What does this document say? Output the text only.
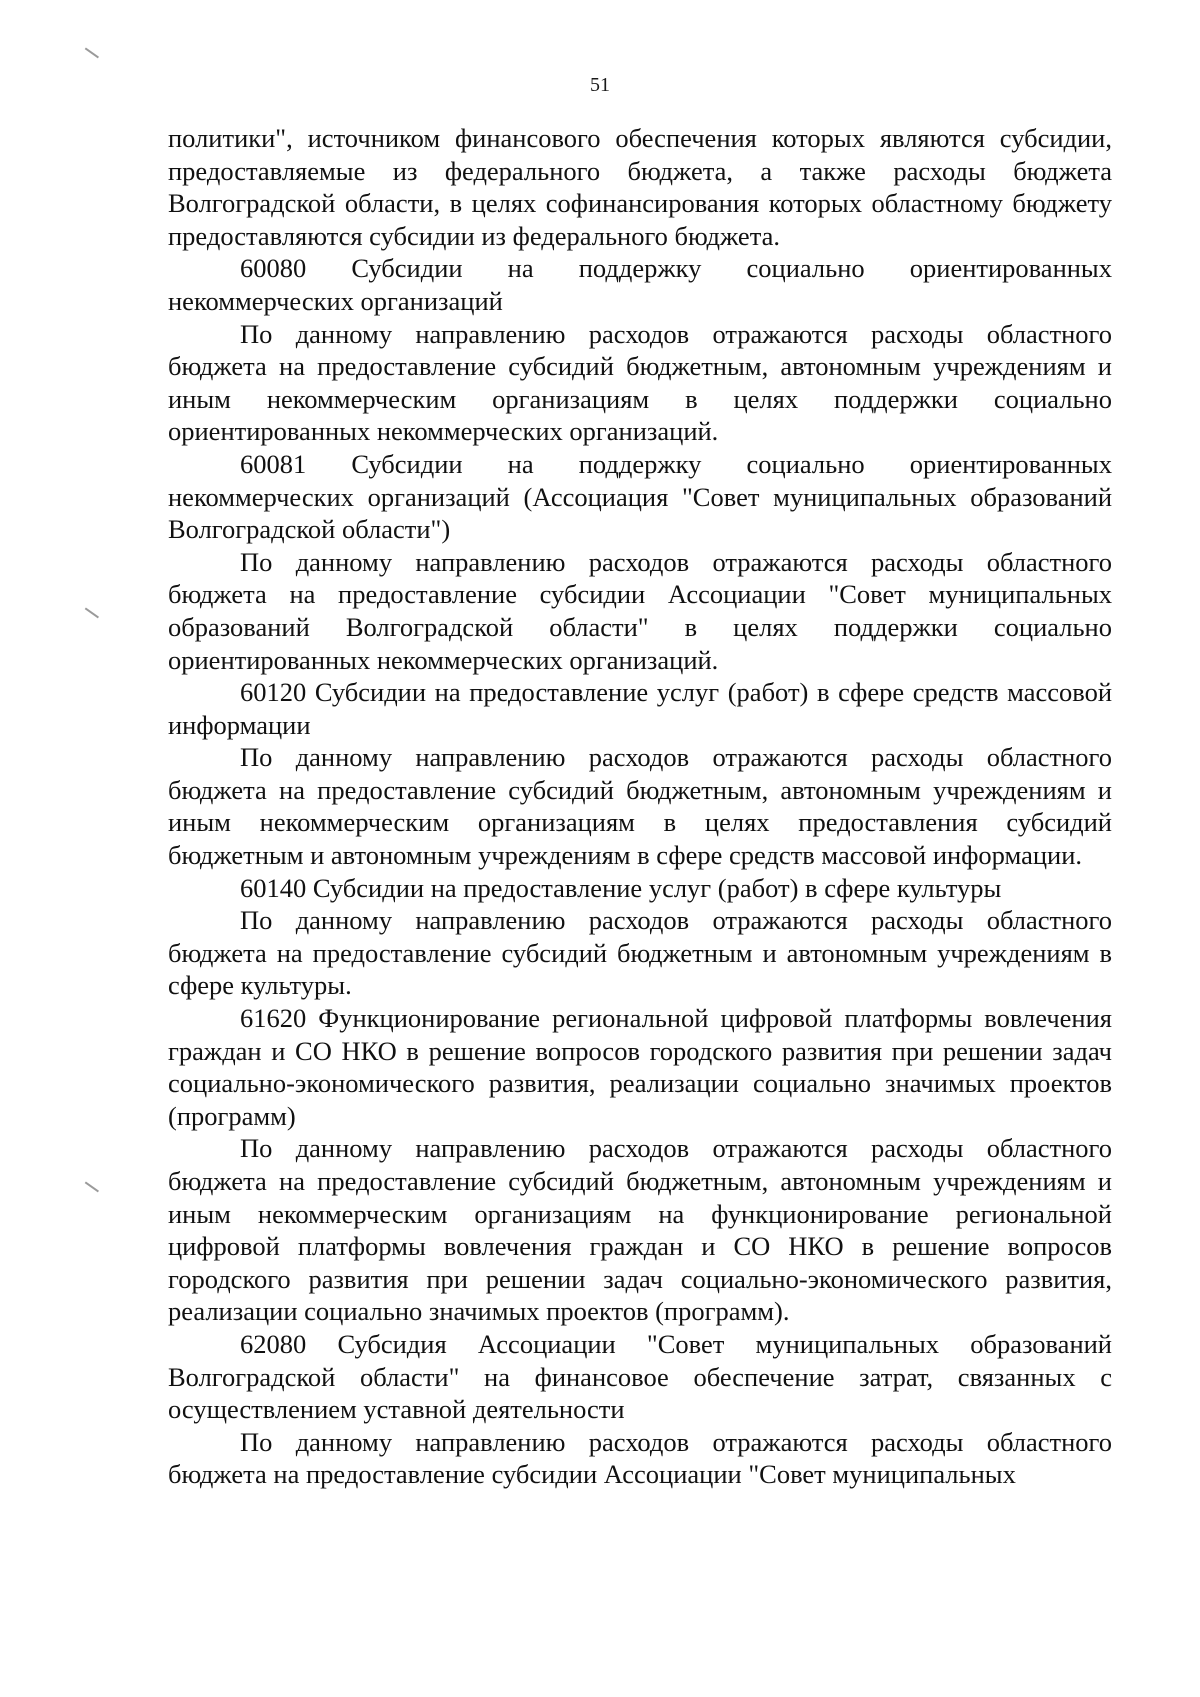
51

политики", источником финансового обеспечения которых являются субсидии, предоставляемые из федерального бюджета, а также расходы бюджета Волгоградской области, в целях софинансирования которых областному бюджету предоставляются субсидии из федерального бюджета.

60080 Субсидии на поддержку социально ориентированных некоммерческих организаций

По данному направлению расходов отражаются расходы областного бюджета на предоставление субсидий бюджетным, автономным учреждениям и иным некоммерческим организациям в целях поддержки социально ориентированных некоммерческих организаций.

60081 Субсидии на поддержку социально ориентированных некоммерческих организаций (Ассоциация "Совет муниципальных образований Волгоградской области")

По данному направлению расходов отражаются расходы областного бюджета на предоставление субсидии Ассоциации "Совет муниципальных образований Волгоградской области" в целях поддержки социально ориентированных некоммерческих организаций.

60120 Субсидии на предоставление услуг (работ) в сфере средств массовой информации

По данному направлению расходов отражаются расходы областного бюджета на предоставление субсидий бюджетным, автономным учреждениям и иным некоммерческим организациям в целях предоставления субсидий бюджетным и автономным учреждениям в сфере средств массовой информации.

60140 Субсидии на предоставление услуг (работ) в сфере культуры

По данному направлению расходов отражаются расходы областного бюджета на предоставление субсидий бюджетным и автономным учреждениям в сфере культуры.

61620 Функционирование региональной цифровой платформы вовлечения граждан и СО НКО в решение вопросов городского развития при решении задач социально-экономического развития, реализации социально значимых проектов (программ)

По данному направлению расходов отражаются расходы областного бюджета на предоставление субсидий бюджетным, автономным учреждениям и иным некоммерческим организациям на функционирование региональной цифровой платформы вовлечения граждан и СО НКО в решение вопросов городского развития при решении задач социально-экономического развития, реализации социально значимых проектов (программ).

62080 Субсидия Ассоциации "Совет муниципальных образований Волгоградской области" на финансовое обеспечение затрат, связанных с осуществлением уставной деятельности

По данному направлению расходов отражаются расходы областного бюджета на предоставление субсидии Ассоциации "Совет муниципальных
